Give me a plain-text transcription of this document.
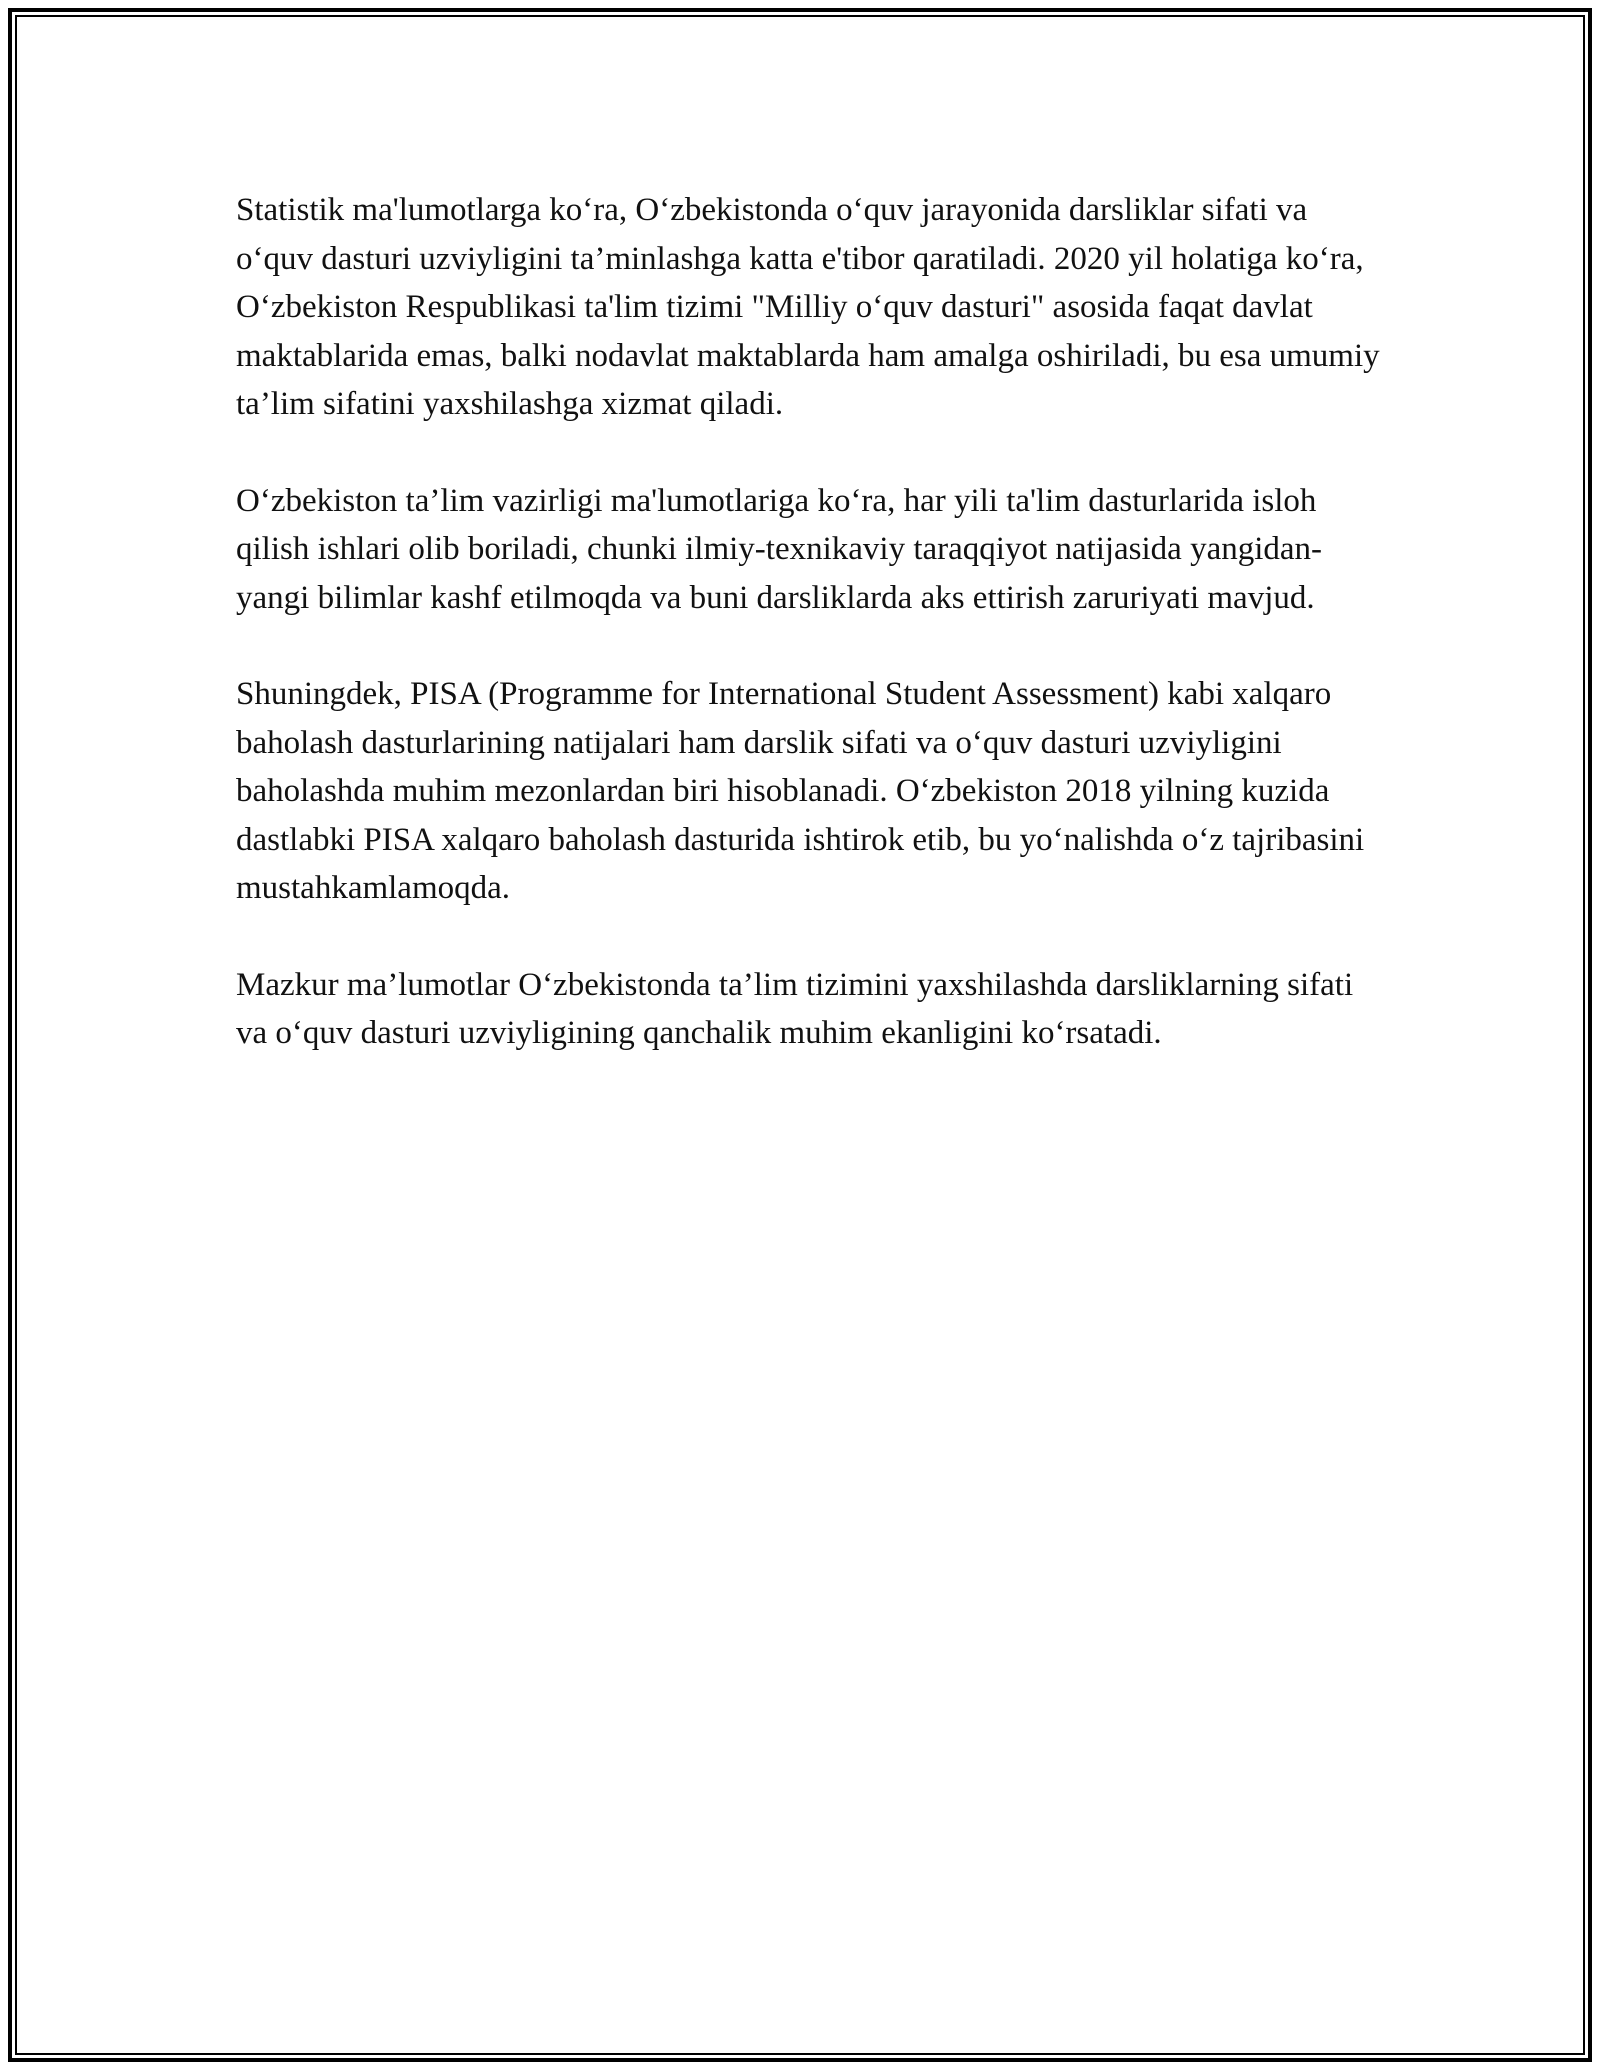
Statistik ma'lumotlarga koʻra, Oʻzbekistonda oʻquv jarayonida darsliklar sifati va oʻquv dasturi uzviyligini ta’minlashga katta e'tibor qaratiladi. 2020 yil holatiga koʻra, Oʻzbekiston Respublikasi ta'lim tizimi "Milliy oʻquv dasturi" asosida faqat davlat maktablarida emas, balki nodavlat maktablarda ham amalga oshiriladi, bu esa umumiy ta’lim sifatini yaxshilashga xizmat qiladi.

Oʻzbekiston ta’lim vazirligi ma'lumotlariga koʻra, har yili ta'lim dasturlarida isloh qilish ishlari olib boriladi, chunki ilmiy-texnikaviy taraqqiyot natijasida yangidan-yangi bilimlar kashf etilmoqda va buni darsliklarda aks ettirish zaruriyati mavjud.

Shuningdek, PISA (Programme for International Student Assessment) kabi xalqaro baholash dasturlarining natijalari ham darslik sifati va oʻquv dasturi uzviyligini baholashda muhim mezonlardan biri hisoblanadi. Oʻzbekiston 2018 yilning kuzida dastlabki PISA xalqaro baholash dasturida ishtirok etib, bu yoʻnalishda oʻz tajribasini mustahkamlamoqda.

Mazkur ma’lumotlar Oʻzbekistonda ta’lim tizimini yaxshilashda darsliklarning sifati va oʻquv dasturi uzviyligining qanchalik muhim ekanligini koʻrsatadi.
